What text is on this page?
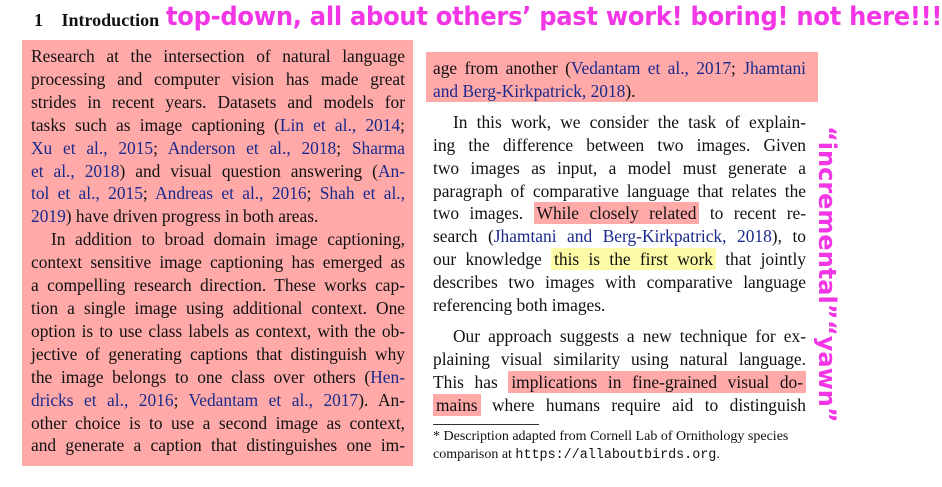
1 Introduction
Research at the intersection of natural language
processing and computer vision has made great
strides in recent years. Datasets and models for
tasks such as image captioning (Lin et al., 2014;
Xu et al., 2015; Anderson et al., 2018; Sharma
et al., 2018) and visual question answering (An-
tol et al., 2015; Andreas et al., 2016; Shah et al.,
2019) have driven progress in both areas.
In addition to broad domain image captioning,
context sensitive image captioning has emerged as
a compelling research direction. These works cap-
tion a single image using additional context. One
option is to use class labels as context, with the ob-
jective of generating captions that distinguish why
the image belongs to one class over others (Hen-
dricks et al., 2016; Vedantam et al., 2017). An-
other choice is to use a second image as context,
and generate a caption that distinguishes one im-
age from another (Vedantam et al., 2017; Jhamtani
and Berg-Kirkpatrick, 2018).
In this work, we consider the task of explain-
ing the difference between two images. Given
two images as input, a model must generate a
paragraph of comparative language that relates the
two images. While closely related to recent re-
search (Jhamtani and Berg-Kirkpatrick, 2018), to
our knowledge this is the first work that jointly
describes two images with comparative language
referencing both images.
Our approach suggests a new technique for ex-
plaining visual similarity using natural language.
This has implications in fine-grained visual do-
mains where humans require aid to distinguish
* Description adapted from Cornell Lab of Ornithology species comparison at https://allaboutbirds.org.
top-down, all about others’ past work! boring! not here!!!
“incremental”
“yawn”
